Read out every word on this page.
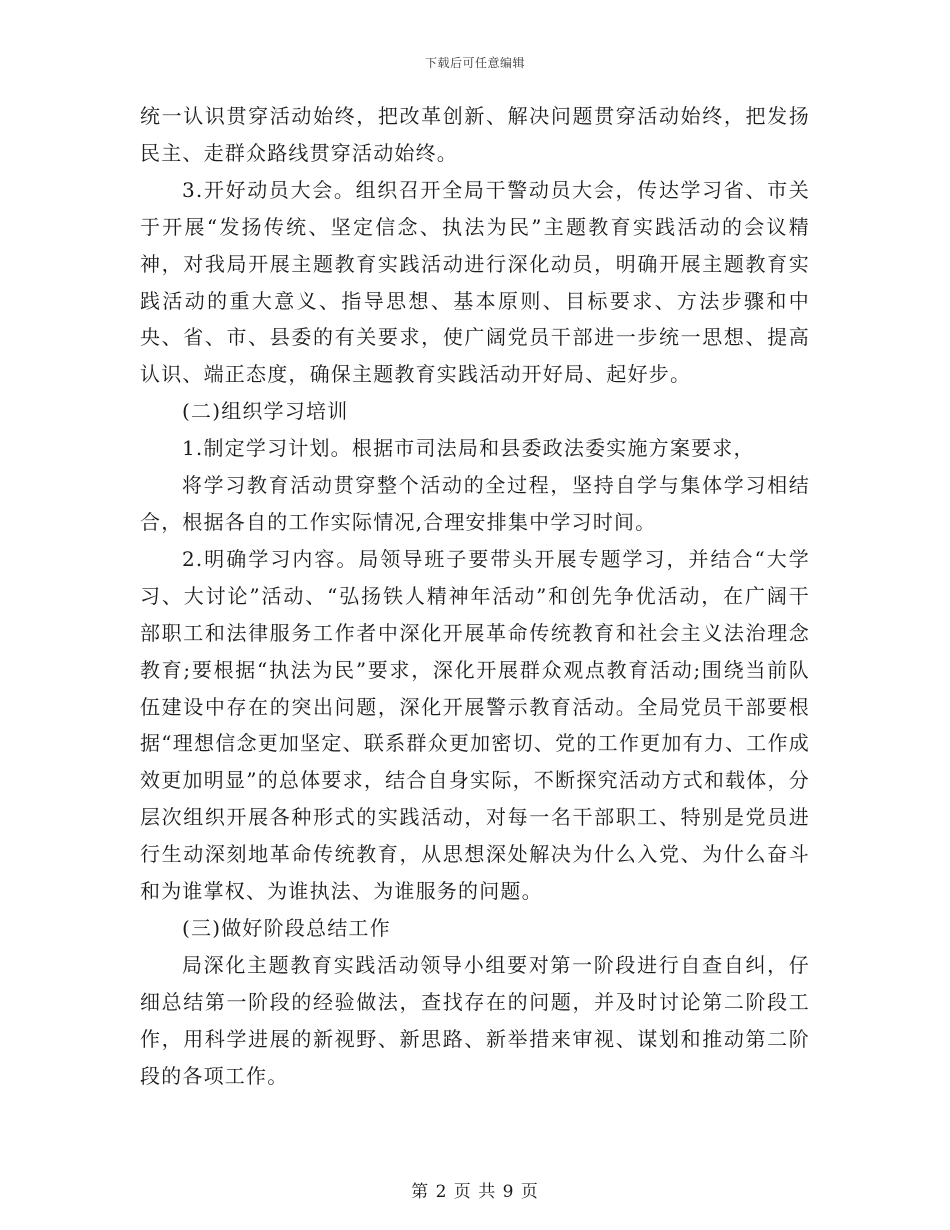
下载后可任意编辑

统一认识贯穿活动始终，把改革创新、解决问题贯穿活动始终，把发扬民主、走群众路线贯穿活动始终。

3.开好动员大会。组织召开全局干警动员大会，传达学习省、市关于开展“发扬传统、坚定信念、执法为民”主题教育实践活动的会议精神，对我局开展主题教育实践活动进行深化动员，明确开展主题教育实践活动的重大意义、指导思想、基本原则、目标要求、方法步骤和中央、省、市、县委的有关要求，使广阔党员干部进一步统一思想、提高认识、端正态度，确保主题教育实践活动开好局、起好步。

(二)组织学习培训

1.制定学习计划。根据市司法局和县委政法委实施方案要求，

将学习教育活动贯穿整个活动的全过程，坚持自学与集体学习相结合，根据各自的工作实际情况,合理安排集中学习时间。

2.明确学习内容。局领导班子要带头开展专题学习，并结合“大学习、大讨论”活动、“弘扬铁人精神年活动”和创先争优活动，在广阔干部职工和法律服务工作者中深化开展革命传统教育和社会主义法治理念教育;要根据“执法为民”要求，深化开展群众观点教育活动;围绕当前队伍建设中存在的突出问题，深化开展警示教育活动。全局党员干部要根据“理想信念更加坚定、联系群众更加密切、党的工作更加有力、工作成效更加明显”的总体要求，结合自身实际，不断探究活动方式和载体，分层次组织开展各种形式的实践活动，对每一名干部职工、特别是党员进行生动深刻地革命传统教育，从思想深处解决为什么入党、为什么奋斗和为谁掌权、为谁执法、为谁服务的问题。

(三)做好阶段总结工作

局深化主题教育实践活动领导小组要对第一阶段进行自查自纠，仔细总结第一阶段的经验做法，查找存在的问题，并及时讨论第二阶段工作，用科学进展的新视野、新思路、新举措来审视、谋划和推动第二阶段的各项工作。

第 2 页 共 9 页
